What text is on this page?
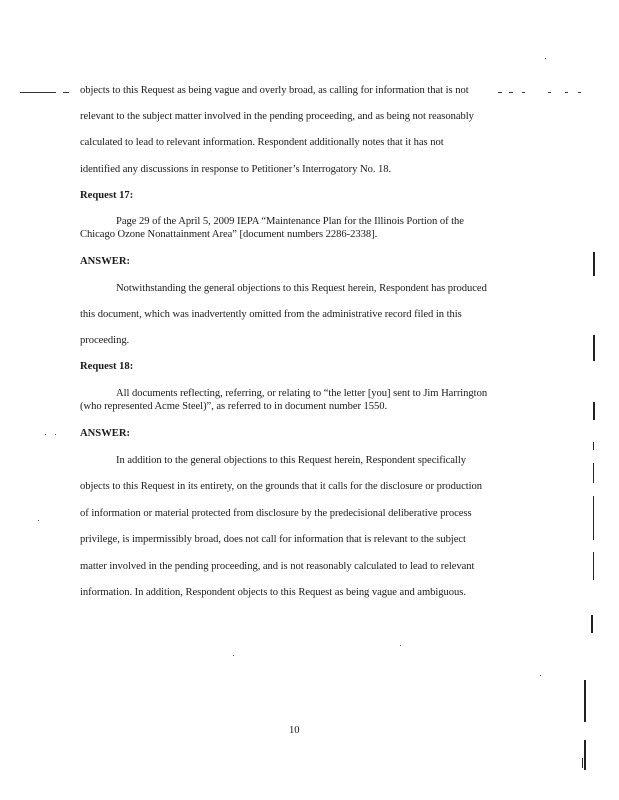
objects to this Request as being vague and overly broad, as calling for information that is not
relevant to the subject matter involved in the pending proceeding, and as being not reasonably
calculated to lead to relevant information. Respondent additionally notes that it has not
identified any discussions in response to Petitioner’s Interrogatory No. 18.
Request 17:
Page 29 of the April 5, 2009 IEPA “Maintenance Plan for the Illinois Portion of the
Chicago Ozone Nonattainment Area” [document numbers 2286-2338].
ANSWER:
Notwithstanding the general objections to this Request herein, Respondent has produced
this document, which was inadvertently omitted from the administrative record filed in this
proceeding.
Request 18:
All documents reflecting, referring, or relating to “the letter [you] sent to Jim Harrington
(who represented Acme Steel)”, as referred to in document number 1550.
ANSWER:
In addition to the general objections to this Request herein, Respondent specifically
objects to this Request in its entirety, on the grounds that it calls for the disclosure or production
of information or material protected from disclosure by the predecisional deliberative process
privilege, is impermissibly broad, does not call for information that is relevant to the subject
matter involved in the pending proceeding, and is not reasonably calculated to lead to relevant
information. In addition, Respondent objects to this Request as being vague and ambiguous.
10
